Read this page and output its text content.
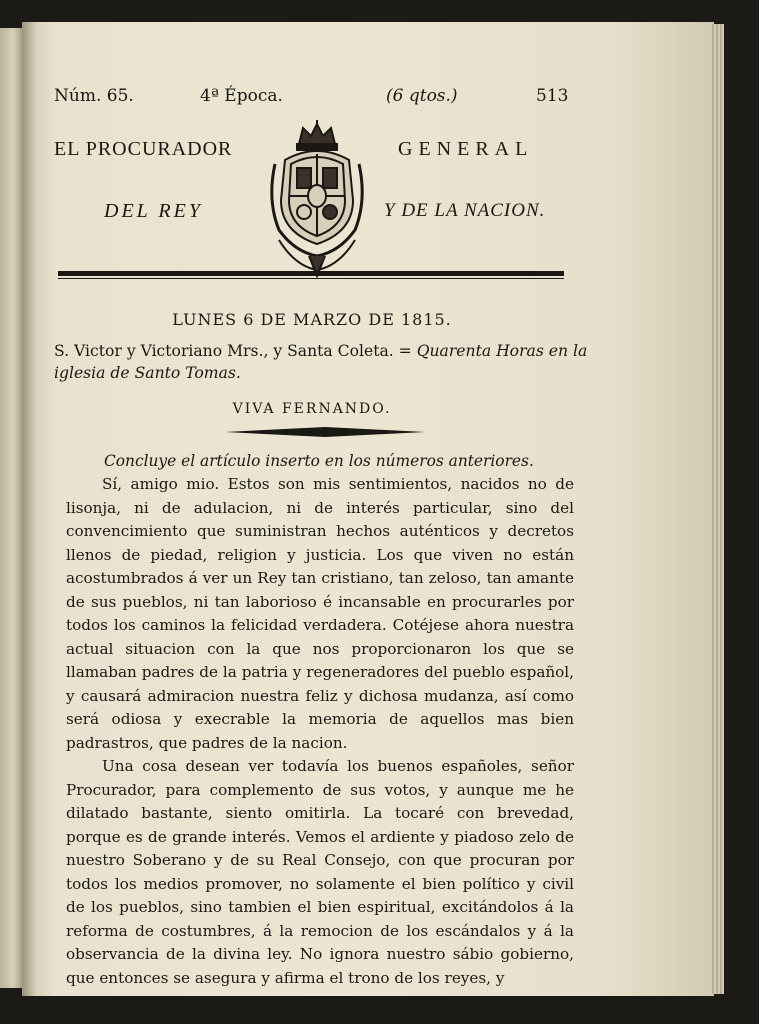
Núm. 65.	4ª Época.	(6 qtos.)	513
EL PROCURADOR	GENERAL
DEL REY	Y DE LA NACION.
LUNES 6 DE MARZO DE 1815.
S. Victor y Victoriano Mrs., y Santa Coleta. = Quarenta Horas en la iglesia de Santo Tomas.
VIVA FERNANDO.
Concluye el artículo inserto en los números anteriores.

Sí, amigo mio. Estos son mis sentimientos, nacidos no de lisonja, ni de adulacion, ni de interés particular, sino del convencimiento que suministran hechos auténticos y decretos llenos de piedad, religion y justicia. Los que viven no están acostumbrados á ver un Rey tan cristiano, tan zeloso, tan amante de sus pueblos, ni tan laborioso é incansable en procurarles por todos los caminos la felicidad verdadera. Cotéjese ahora nuestra actual situacion con la que nos proporcionaron los que se llamaban padres de la patria y regeneradores del pueblo español, y causará admiracion nuestra feliz y dichosa mudanza, así como será odiosa y execrable la memoria de aquellos mas bien padrastros, que padres de la nacion.

Una cosa desean ver todavía los buenos españoles, señor Procurador, para complemento de sus votos, y aunque me he dilatado bastante, siento omitirla. La tocaré con brevedad, porque es de grande interés. Vemos el ardiente y piadoso zelo de nuestro Soberano y de su Real Consejo, con que procuran por todos los medios promover, no solamente el bien político y civil de los pueblos, sino tambien el bien espiritual, excitándolos á la reforma de costumbres, á la remocion de los escándalos y á la observancia de la divina ley. No ignora nuestro sábio gobierno, que entonces se asegura y afirma el trono de los reyes, y
